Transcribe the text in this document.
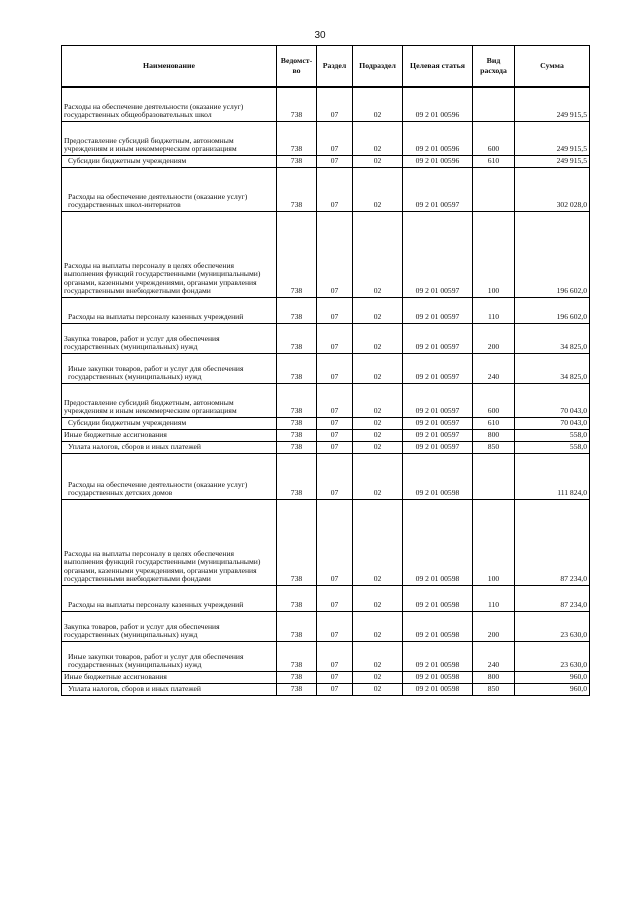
30
Наименование	Ведомст-во	Раздел	Подраздел	Целевая статья	Вид расхода	Сумма
Расходы на обеспечение деятельности (оказание услуг) государственных общеобразовательных школ	738	07	02	09 2 01 00596		249 915,5
Предоставление субсидий бюджетным, автономным учреждениям и иным некоммерческим организациям	738	07	02	09 2 01 00596	600	249 915,5
Субсидии бюджетным учреждениям	738	07	02	09 2 01 00596	610	249 915,5
Расходы на обеспечение деятельности (оказание услуг) государственных школ-интернатов	738	07	02	09 2 01 00597		302 028,0
Расходы на выплаты персоналу в целях обеспечения выполнения функций государственными (муниципальными) органами, казенными учреждениями, органами управления государственными внебюджетными фондами	738	07	02	09 2 01 00597	100	196 602,0
Расходы на выплаты персоналу казенных учреждений	738	07	02	09 2 01 00597	110	196 602,0
Закупка товаров, работ и услуг для обеспечения государственных (муниципальных) нужд	738	07	02	09 2 01 00597	200	34 825,0
Иные закупки товаров, работ и услуг для обеспечения государственных (муниципальных) нужд	738	07	02	09 2 01 00597	240	34 825,0
Предоставление субсидий бюджетным, автономным учреждениям и иным некоммерческим организациям	738	07	02	09 2 01 00597	600	70 043,0
Субсидии бюджетным учреждениям	738	07	02	09 2 01 00597	610	70 043,0
Иные бюджетные ассигнования	738	07	02	09 2 01 00597	800	558,0
Уплата налогов, сборов и иных платежей	738	07	02	09 2 01 00597	850	558,0
Расходы на обеспечение деятельности (оказание услуг) государственных детских домов	738	07	02	09 2 01 00598		111 824,0
Расходы на выплаты персоналу в целях обеспечения выполнения функций государственными (муниципальными) органами, казенными учреждениями, органами управления государственными внебюджетными фондами	738	07	02	09 2 01 00598	100	87 234,0
Расходы на выплаты персоналу казенных учреждений	738	07	02	09 2 01 00598	110	87 234,0
Закупка товаров, работ и услуг для обеспечения государственных (муниципальных) нужд	738	07	02	09 2 01 00598	200	23 630,0
Иные закупки товаров, работ и услуг для обеспечения государственных (муниципальных) нужд	738	07	02	09 2 01 00598	240	23 630,0
Иные бюджетные ассигнования	738	07	02	09 2 01 00598	800	960,0
Уплата налогов, сборов и иных платежей	738	07	02	09 2 01 00598	850	960,0
